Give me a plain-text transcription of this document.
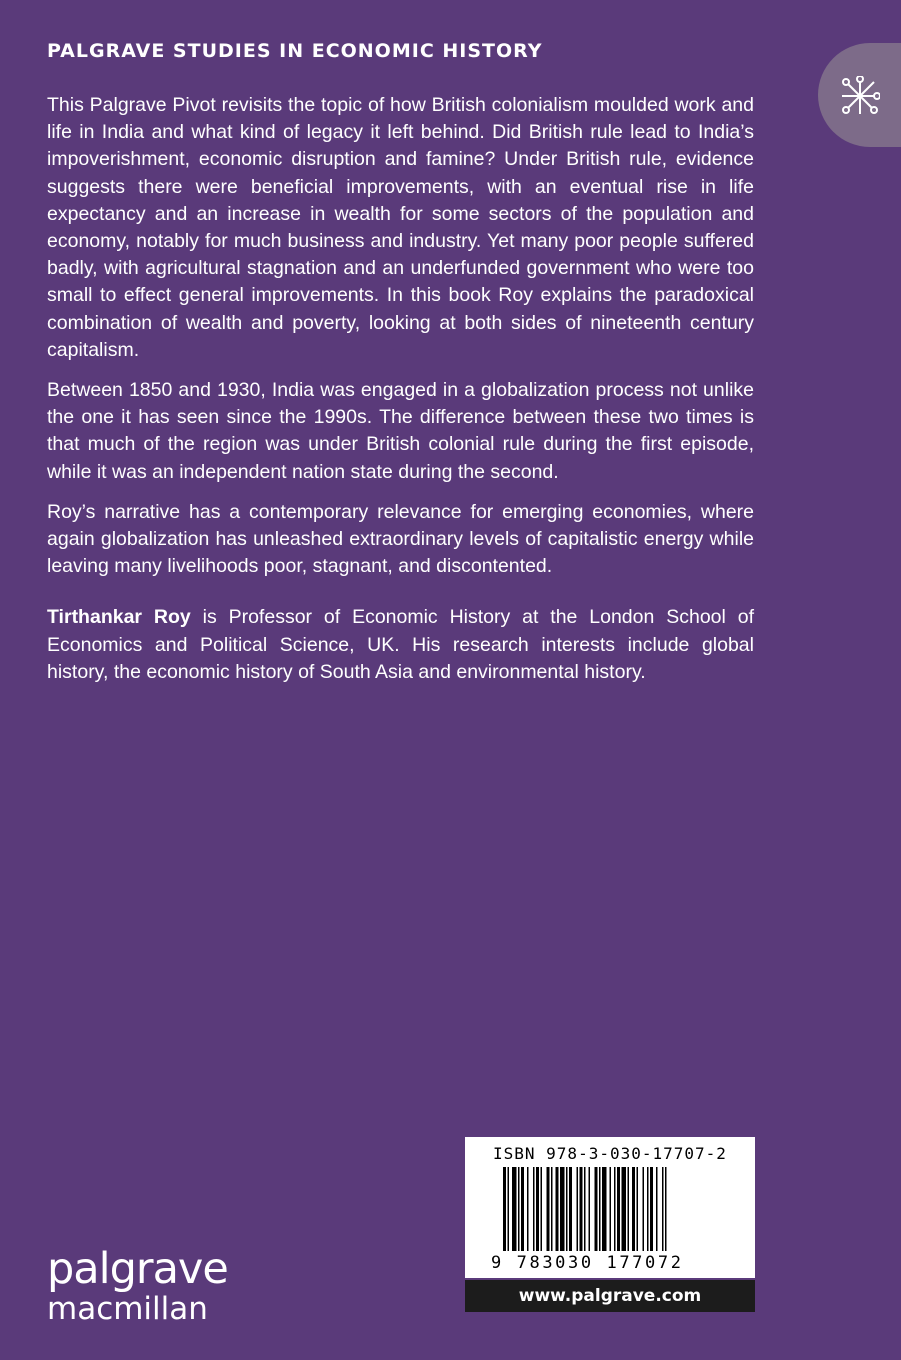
PALGRAVE STUDIES IN ECONOMIC HISTORY

This Palgrave Pivot revisits the topic of how British colonialism moulded work and life in India and what kind of legacy it left behind. Did British rule lead to India’s impoverishment, economic disruption and famine? Under British rule, evidence suggests there were beneficial improvements, with an eventual rise in life expectancy and an increase in wealth for some sectors of the population and economy, notably for much business and industry. Yet many poor people suffered badly, with agricultural stagnation and an underfunded government who were too small to effect general improvements. In this book Roy explains the paradoxical combination of wealth and poverty, looking at both sides of nineteenth century capitalism.

Between 1850 and 1930, India was engaged in a globalization process not unlike the one it has seen since the 1990s. The difference between these two times is that much of the region was under British colonial rule during the first episode, while it was an independent nation state during the second.

Roy’s narrative has a contemporary relevance for emerging economies, where again globalization has unleashed extraordinary levels of capitalistic energy while leaving many livelihoods poor, stagnant, and discontented.

Tirthankar Roy is Professor of Economic History at the London School of Economics and Political Science, UK. His research interests include global history, the economic history of South Asia and environmental history.

palgrave
macmillan
ISBN 978-3-030-17707-2
9 783030 177072
www.palgrave.com
